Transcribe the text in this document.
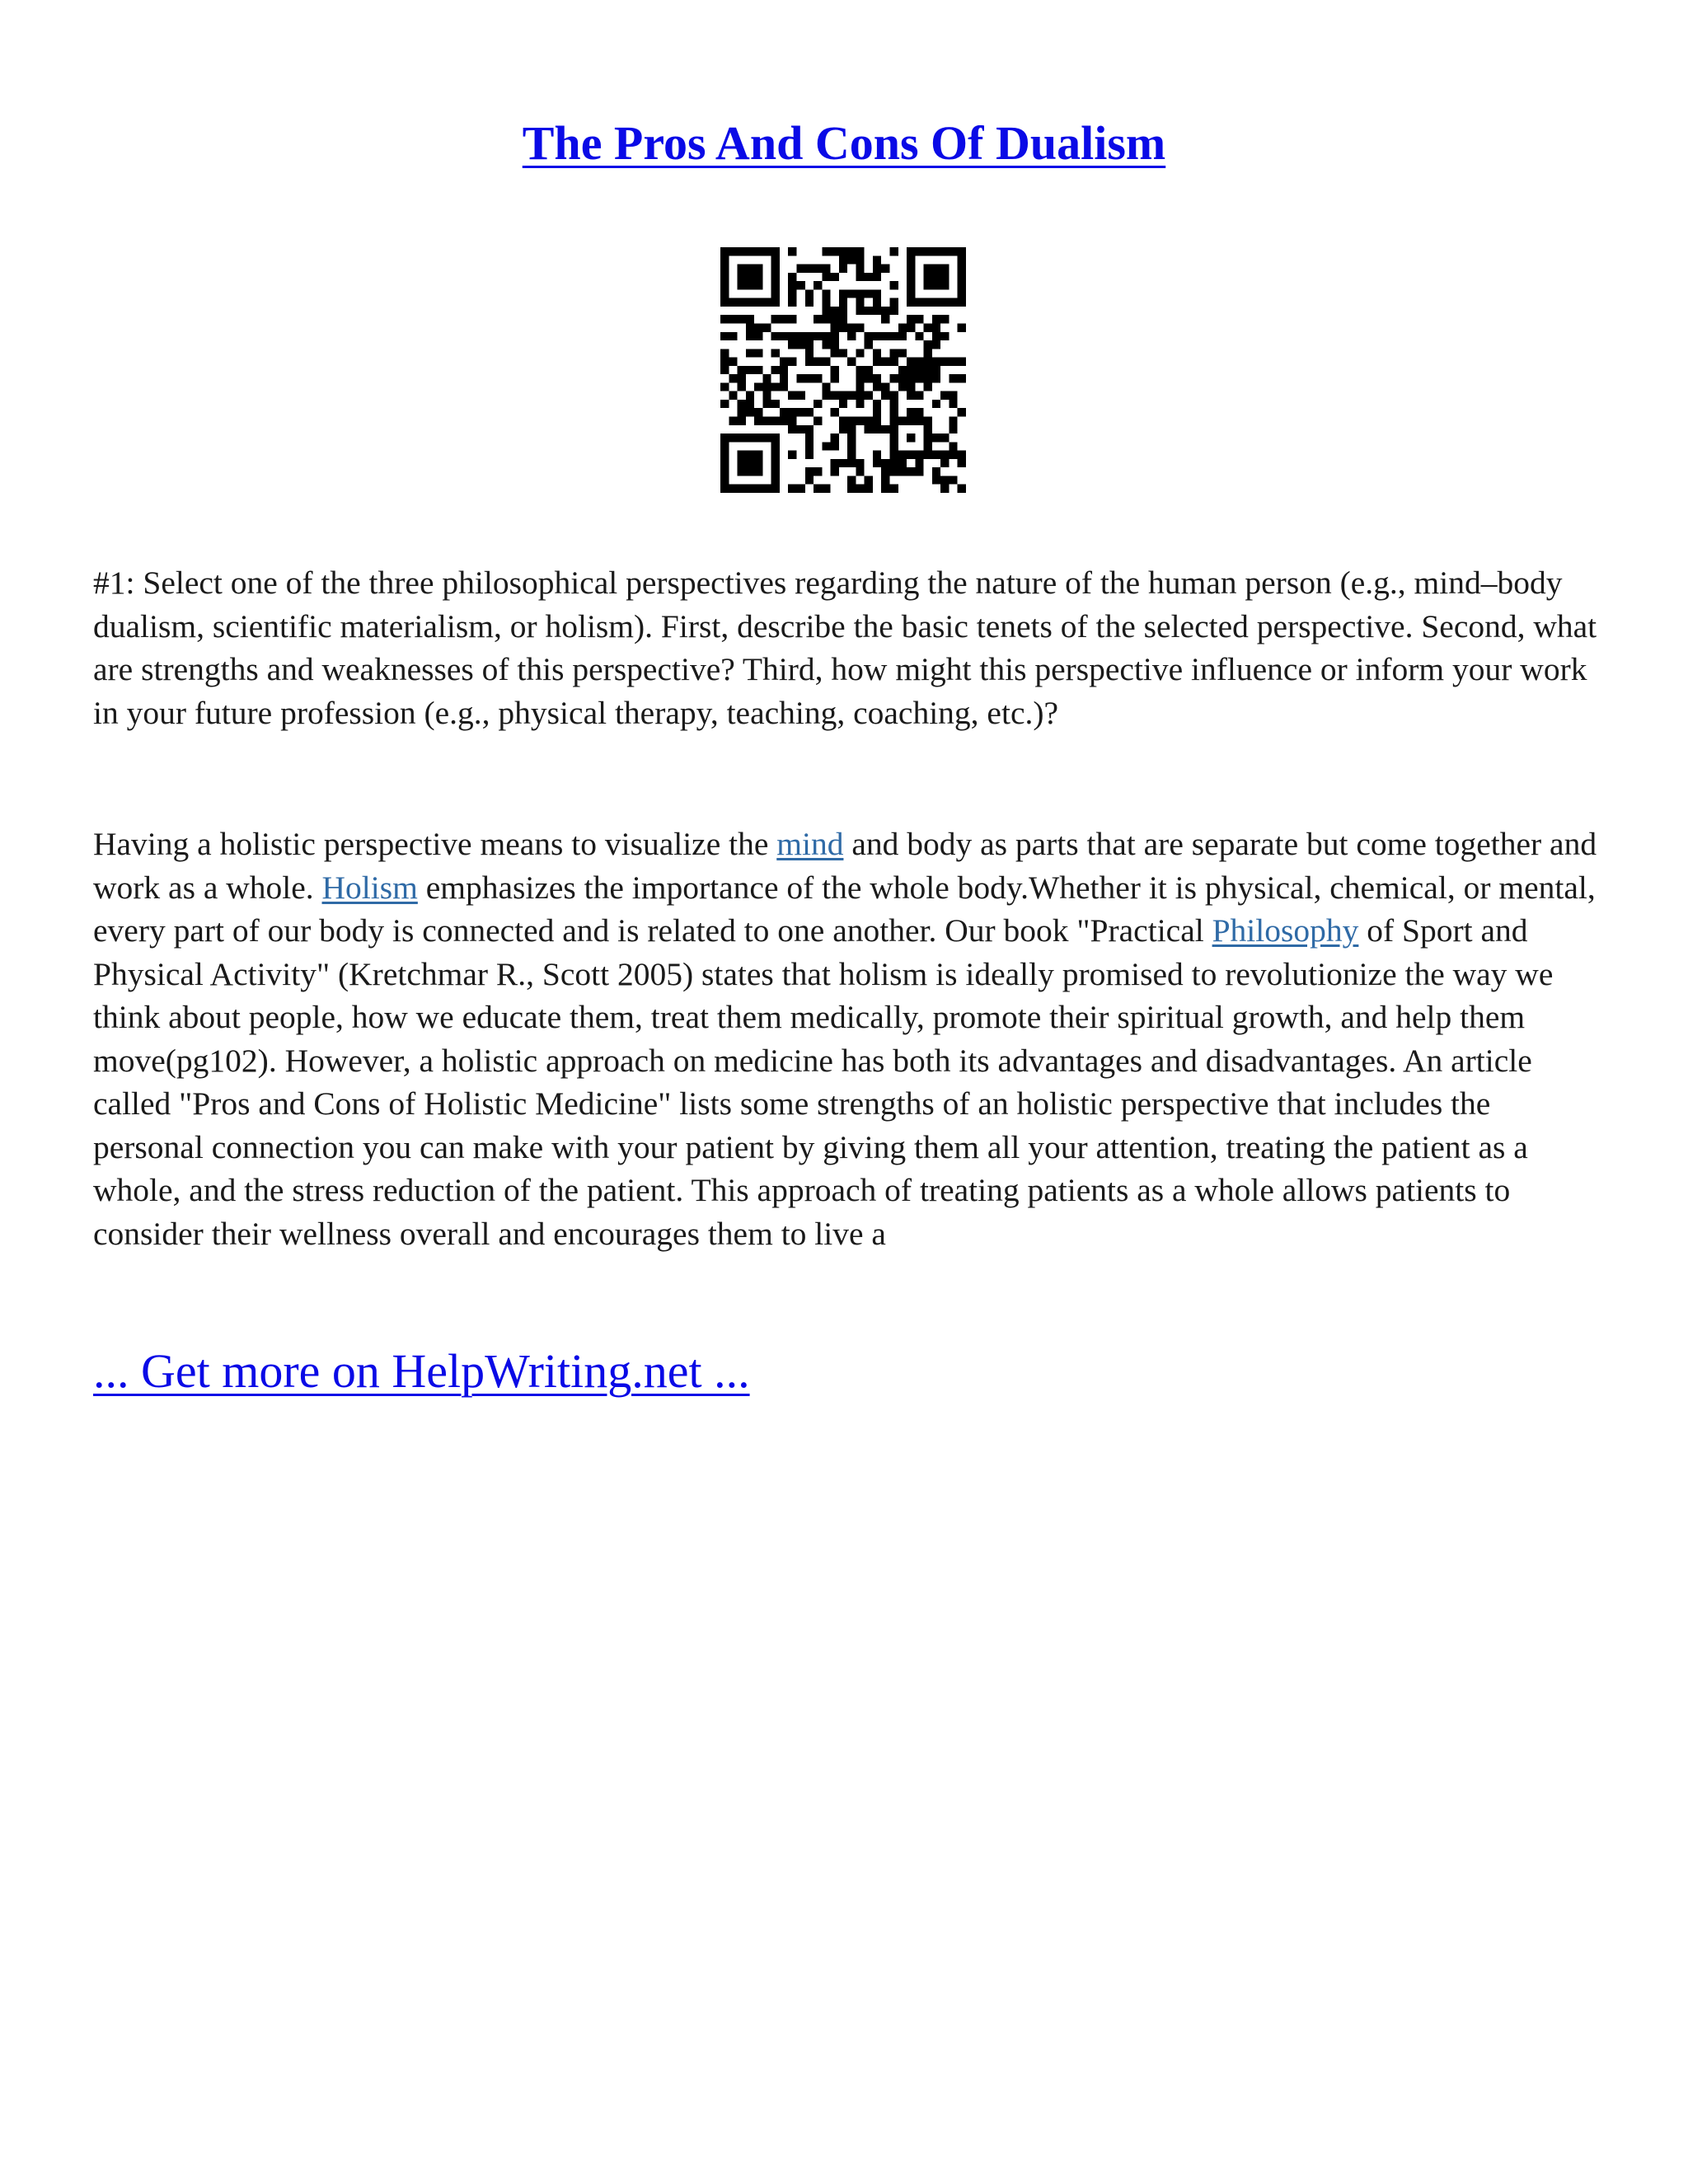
The Pros And Cons Of Dualism

#1: Select one of the three philosophical perspectives regarding the nature of the human person (e.g., mind–body dualism, scientific materialism, or holism). First, describe the basic tenets of the selected perspective. Second, what are strengths and weaknesses of this perspective? Third, how might this perspective influence or inform your work in your future profession (e.g., physical therapy, teaching, coaching, etc.)?

Having a holistic perspective means to visualize the mind and body as parts that are separate but come together and work as a whole. Holism emphasizes the importance of the whole body.Whether it is physical, chemical, or mental, every part of our body is connected and is related to one another. Our book "Practical Philosophy of Sport and Physical Activity" (Kretchmar R., Scott 2005) states that holism is ideally promised to revolutionize the way we think about people, how we educate them, treat them medically, promote their spiritual growth, and help them move(pg102). However, a holistic approach on medicine has both its advantages and disadvantages. An article called "Pros and Cons of Holistic Medicine" lists some strengths of an holistic perspective that includes the personal connection you can make with your patient by giving them all your attention, treating the patient as a whole, and the stress reduction of the patient. This approach of treating patients as a whole allows patients to consider their wellness overall and encourages them to live a

... Get more on HelpWriting.net ...
